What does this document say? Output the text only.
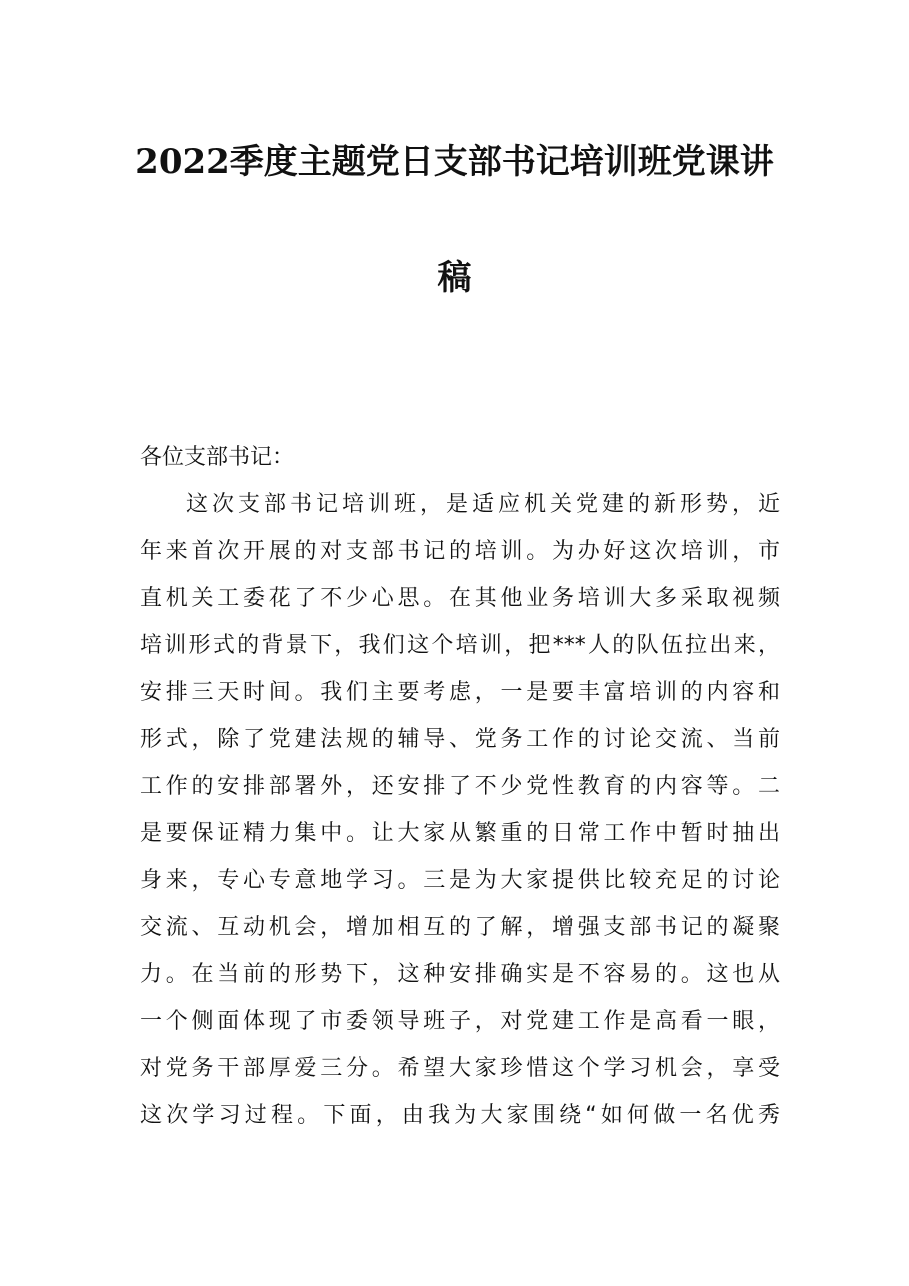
2022季度主题党日支部书记培训班党课讲
稿

各位支部书记：

这次支部书记培训班，是适应机关党建的新形势，近
年来首次开展的对支部书记的培训。为办好这次培训，市
直机关工委花了不少心思。在其他业务培训大多采取视频
培训形式的背景下，我们这个培训，把***人的队伍拉出来，
安排三天时间。我们主要考虑，一是要丰富培训的内容和
形式，除了党建法规的辅导、党务工作的讨论交流、当前
工作的安排部署外，还安排了不少党性教育的内容等。二
是要保证精力集中。让大家从繁重的日常工作中暂时抽出
身来，专心专意地学习。三是为大家提供比较充足的讨论
交流、互动机会，增加相互的了解，增强支部书记的凝聚
力。在当前的形势下，这种安排确实是不容易的。这也从
一个侧面体现了市委领导班子，对党建工作是高看一眼，
对党务干部厚爱三分。希望大家珍惜这个学习机会，享受
这次学习过程。下面，由我为大家围绕“如何做一名优秀
